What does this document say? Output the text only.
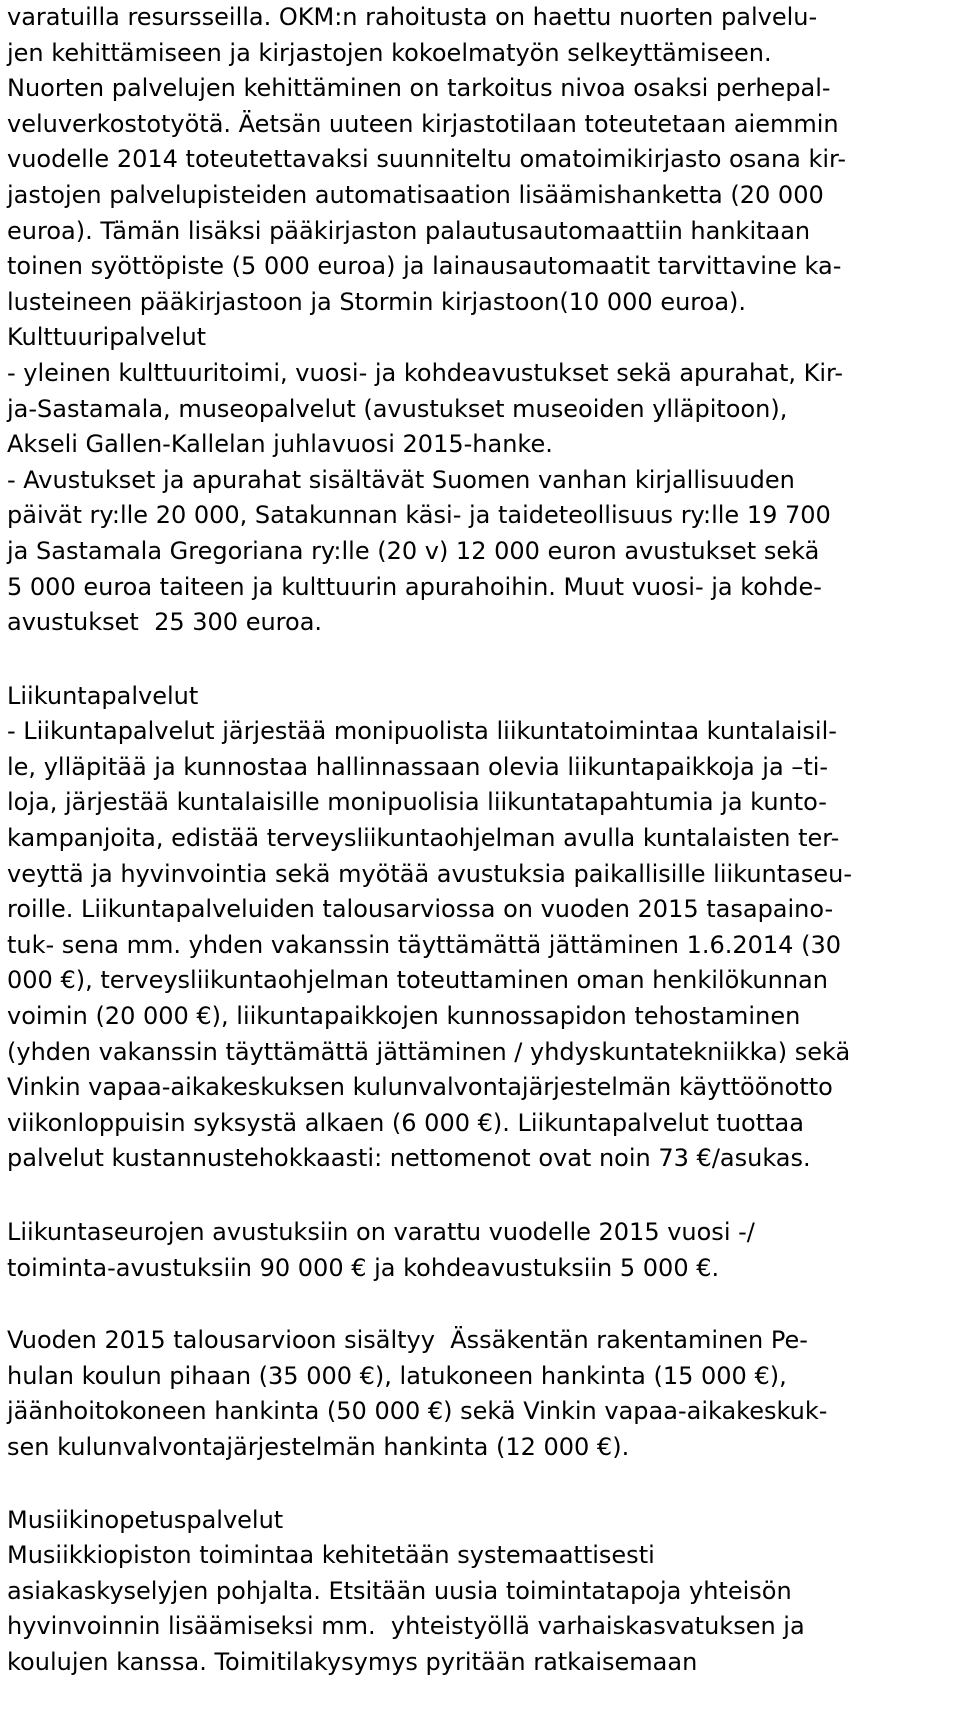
varatuilla resursseilla. OKM:n rahoitusta on haettu nuorten palvelu-
jen kehittämiseen ja kirjastojen kokoelmatyön selkeyttämiseen.
Nuorten palvelujen kehittäminen on tarkoitus nivoa osaksi perhepal-
veluverkostotyötä. Äetsän uuteen kirjastotilaan toteutetaan aiemmin
vuodelle 2014 toteutettavaksi suunniteltu omatoimikirjasto osana kir-
jastojen palvelupisteiden automatisaation lisäämishanketta (20 000
euroa). Tämän lisäksi pääkirjaston palautusautomaattiin hankitaan
toinen syöttöpiste (5 000 euroa) ja lainausautomaatit tarvittavine ka-
lusteineen pääkirjastoon ja Stormin kirjastoon(10 000 euroa).
Kulttuuripalvelut
- yleinen kulttuuritoimi, vuosi- ja kohdeavustukset sekä apurahat, Kir-
ja-Sastamala, museopalvelut (avustukset museoiden ylläpitoon),
Akseli Gallen-Kallelan juhlavuosi 2015-hanke.
- Avustukset ja apurahat sisältävät Suomen vanhan kirjallisuuden
päivät ry:lle 20 000, Satakunnan käsi- ja taideteollisuus ry:lle 19 700
ja Sastamala Gregoriana ry:lle (20 v) 12 000 euron avustukset sekä
5 000 euroa taiteen ja kulttuurin apurahoihin. Muut vuosi- ja kohde-
avustukset  25 300 euroa.
Liikuntapalvelut
- Liikuntapalvelut järjestää monipuolista liikuntatoimintaa kuntalaisil-
le, ylläpitää ja kunnostaa hallinnassaan olevia liikuntapaikkoja ja –ti-
loja, järjestää kuntalaisille monipuolisia liikuntatapahtumia ja kunto-
kampanjoita, edistää terveysliikuntaohjelman avulla kuntalaisten ter-
veyttä ja hyvinvointia sekä myötää avustuksia paikallisille liikuntaseu-
roille. Liikuntapalveluiden talousarviossa on vuoden 2015 tasapaino-
tuk- sena mm. yhden vakanssin täyttämättä jättäminen 1.6.2014 (30
000 €), terveysliikuntaohjelman toteuttaminen oman henkilökunnan
voimin (20 000 €), liikuntapaikkojen kunnossapidon tehostaminen
(yhden vakanssin täyttämättä jättäminen / yhdyskuntatekniikka) sekä
Vinkin vapaa-aikakeskuksen kulunvalvontajärjestelmän käyttöönotto
viikonloppuisin syksystä alkaen (6 000 €). Liikuntapalvelut tuottaa
palvelut kustannustehokkaasti: nettomenot ovat noin 73 €/asukas.
Liikuntaseurojen avustuksiin on varattu vuodelle 2015 vuosi -/
toiminta-avustuksiin 90 000 € ja kohdeavustuksiin 5 000 €.
Vuoden 2015 talousarvioon sisältyy  Ässäkentän rakentaminen Pe-
hulan koulun pihaan (35 000 €), latukoneen hankinta (15 000 €),
jäänhoitokoneen hankinta (50 000 €) sekä Vinkin vapaa-aikakeskuk-
sen kulunvalvontajärjestelmän hankinta (12 000 €).
Musiikinopetuspalvelut
Musiikkiopiston toimintaa kehitetään systemaattisesti
asiakaskyselyjen pohjalta. Etsitään uusia toimintatapoja yhteisön
hyvinvoinnin lisäämiseksi mm.  yhteistyöllä varhaiskasvatuksen ja
koulujen kanssa. Toimitilakysymys pyritään ratkaisemaan
